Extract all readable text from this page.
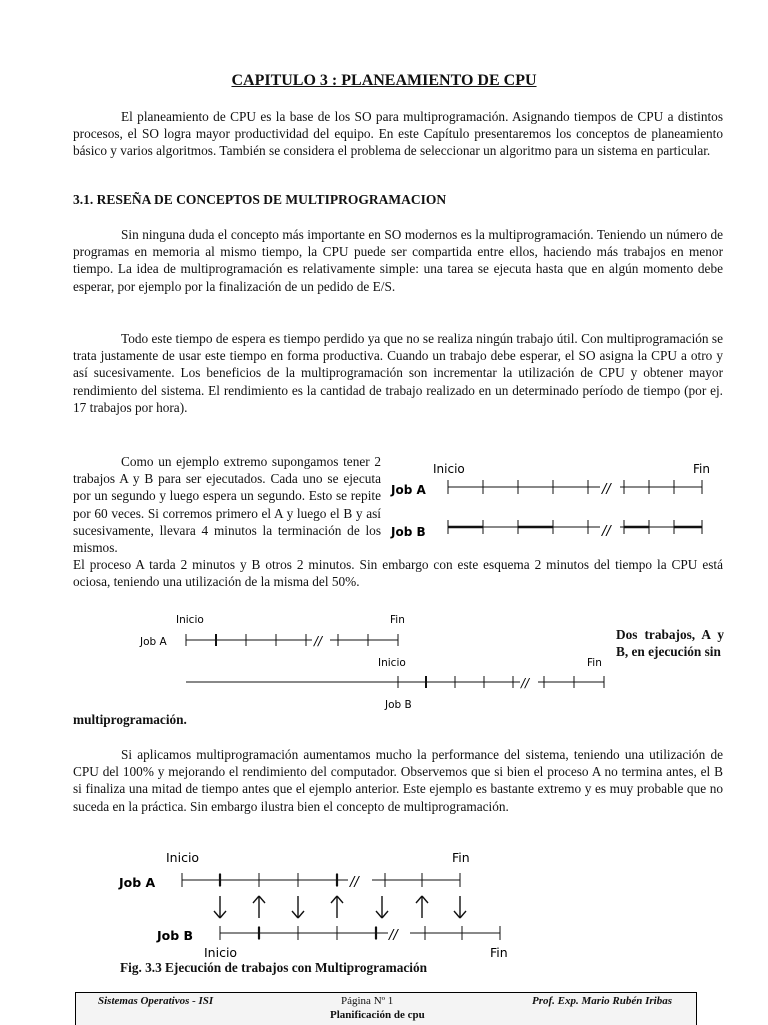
CAPITULO 3 : PLANEAMIENTO DE CPU
El planeamiento de CPU es la base de los SO para multiprogramación. Asignando tiempos de CPU a distintos procesos, el SO logra mayor productividad del equipo. En este Capítulo presentaremos los conceptos de planeamiento básico y varios algoritmos. También se considera el problema de seleccionar un algoritmo para un sistema en particular.
3.1. RESEÑA DE CONCEPTOS DE MULTIPROGRAMACION
Sin ninguna duda el concepto más importante en SO modernos es la multiprogramación. Teniendo un número de programas en memoria al mismo tiempo, la CPU puede ser compartida entre ellos, haciendo más trabajos en menor tiempo. La idea de multiprogramación es relativamente simple: una tarea se ejecuta hasta que en algún momento debe esperar, por ejemplo por la finalización de un pedido de E/S.
Todo este tiempo de espera es tiempo perdido ya que no se realiza ningún trabajo útil. Con multiprogramación se trata justamente de usar este tiempo en forma productiva. Cuando un trabajo debe esperar, el SO asigna la CPU a otro y así sucesivamente. Los beneficios de la multiprogramación son incrementar la utilización de CPU y obtener mayor rendimiento del sistema. El rendimiento es la cantidad de trabajo realizado en un determinado período de tiempo (por ej. 17 trabajos por hora).
Como un ejemplo extremo supongamos tener 2 trabajos A y B para ser ejecutados. Cada uno se ejecuta por un segundo y luego espera un segundo. Esto se repite por 60 veces. Si corremos primero el A y luego el B y así sucesivamente, llevara 4 minutos la terminación de los mismos.
El proceso A tarda 2 minutos y B otros 2 minutos. Sin embargo con este esquema 2 minutos del tiempo la CPU está ociosa, teniendo una utilización de la misma del 50%.
Inicio	Fin
Job A
Job B
//
//
Inicio	Fin
Job A
Inicio	Fin
Job B
//
//
Dos trabajos, A y B, en ejecución sin
multiprogramación.
Si aplicamos multiprogramación aumentamos mucho la performance del sistema, teniendo una utilización de CPU del 100% y mejorando el rendimiento del computador. Observemos que si bien el proceso A no termina antes, el B si finaliza una mitad de tiempo antes que el ejemplo anterior. Este ejemplo es bastante extremo y es muy probable que no suceda en la práctica. Sin embargo ilustra bien el concepto de multiprogramación.
Inicio	Fin
Job A
Job B
Inicio	Fin
//
//
Fig. 3.3 Ejecución de trabajos con Multiprogramación
Sistemas Operativos - ISI	Página Nº 1	Prof. Exp. Mario Rubén Iribas
Planificación de cpu
